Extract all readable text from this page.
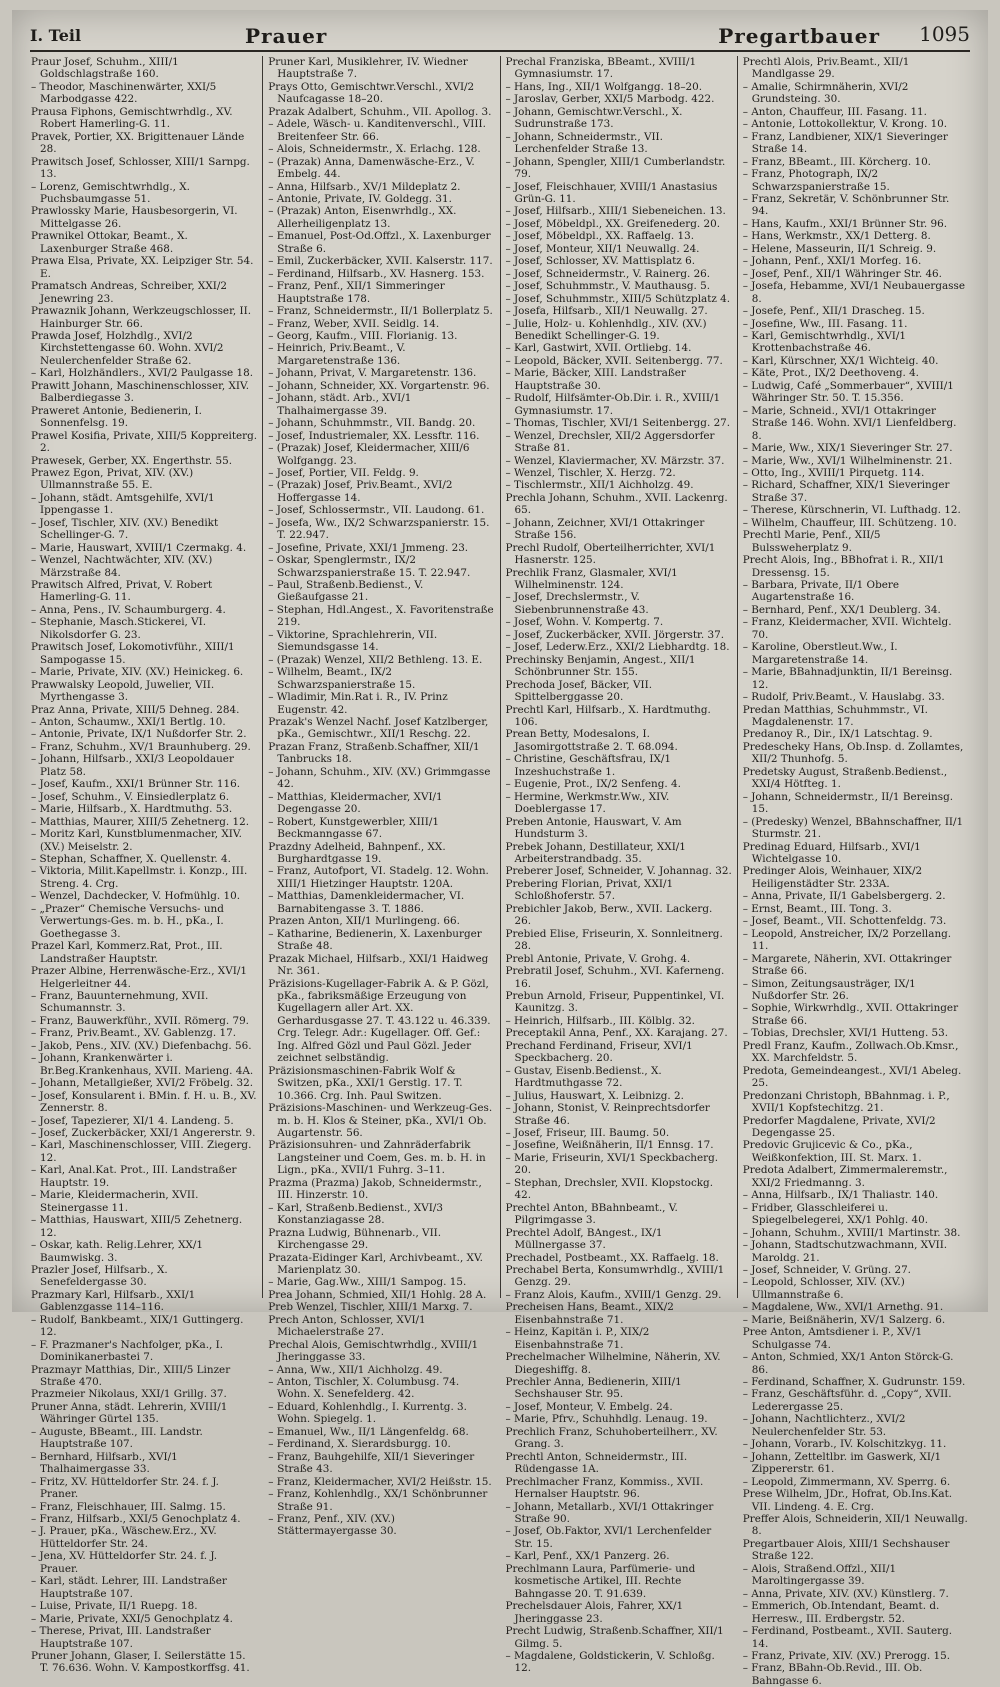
I. Teil	Prauer	Pregartbauer 1095
Praur Josef, Schuhm., XIII/1 Goldschlagstraße 160.
– Theodor, Maschinenwärter, XXI/5 Marbodgasse 422.
Prausa Fiphons, Gemischtwrhdlg., XV. Robert Hamerling-G. 11.
Pravek, Portier, XX. Brigittenauer Lände 28.
Prawitsch Josef, Schlosser, XIII/1 Sarnpg. 13.
– Lorenz, Gemischtwrhdlg., X. Puchsbaumgasse 51.
Prawlossky Marie, Hausbesorgerin, VI. Mittelgasse 26.
Prawnikel Ottokar, Beamt., X. Laxenburger Straße 468.
Prawa Elsa, Private, XX. Leipziger Str. 54. E.
Pramatsch Andreas, Schreiber, XXI/2 Jenewring 23.
Prawaznik Johann, Werkzeugschlosser, II. Hainburger Str. 66.
Prawda Josef, Holzhdlg., XVI/2 Kirchstettengasse 60. Wohn. XVI/2 Neulerchenfelder Straße 62.
– Karl, Holzhändlers., XVI/2 Paulgasse 18.
Prawitt Johann, Maschinenschlosser, XIV. Balberdiegasse 3.
Praweret Antonie, Bedienerin, I. Sonnenfelsg. 19.
Prawel Kosifia, Private, XIII/5 Koppreiterg. 2.
Prawesek, Gerber, XX. Engerthstr. 55.
Prawez Egon, Privat, XIV. (XV.) Ullmannstraße 55. E.
– Johann, städt. Amtsgehilfe, XVI/1 Ippengasse 1.
– Josef, Tischler, XIV. (XV.) Benedikt Schellinger-G. 7.
– Marie, Hauswart, XVIII/1 Czermakg. 4.
– Wenzel, Nachtwächter, XIV. (XV.) Märzstraße 84.
Prawitsch Alfred, Privat, V. Robert Hamerling-G. 11.
– Anna, Pens., IV. Schaumburgerg. 4.
– Stephanie, Masch.Stickerei, VI. Nikolsdorfer G. 23.
Prawitsch Josef, Lokomotivführ., XIII/1 Sampogasse 15.
– Marie, Private, XIV. (XV.) Heinickeg. 6.
Prawwalsky Leopold, Juwelier, VII. Myrthengasse 3.
Praz Anna, Private, XIII/5 Dehneg. 284.
– Anton, Schaumw., XXI/1 Bertlg. 10.
– Antonie, Private, IX/1 Nußdorfer Str. 2.
– Franz, Schuhm., XV/1 Braunhuberg. 29.
– Johann, Hilfsarb., XXI/3 Leopoldauer Platz 58.
– Josef, Kaufm., XXI/1 Brünner Str. 116.
– Josef, Schuhm., V. Einsiedlerplatz 6.
– Marie, Hilfsarb., X. Hardtmuthg. 53.
– Matthias, Maurer, XIII/5 Zehetnerg. 12.
– Moritz Karl, Kunstblumenmacher, XIV. (XV.) Meiselstr. 2.
– Stephan, Schaffner, X. Quellenstr. 4.
– Viktoria, Milit.Kapellmstr. i. Konzp., III. Streng. 4. Crg.
– Wenzel, Dachdecker, V. Hofmühlg. 10.
– „Prazer“ Chemische Versuchs- und Verwertungs-Ges. m. b. H., pKa., I. Goethegasse 3.
Prazel Karl, Kommerz.Rat, Prot., III. Landstraßer Hauptstr.
Prazer Albine, Herrenwäsche-Erz., XVI/1 Helgerleitner 44.
– Franz, Bauunternehmung, XVII. Schumannstr. 3.
– Franz, Bauwerkführ., XVII. Römerg. 79.
– Franz, Priv.Beamt., XV. Gablenzg. 17.
– Jakob, Pens., XIV. (XV.) Diefenbachg. 56.
– Johann, Krankenwärter i. Br.Beg.Krankenhaus, XVII. Marieng. 4A.
– Johann, Metallgießer, XVI/2 Fröbelg. 32.
– Josef, Konsularent i. BMin. f. H. u. B., XV. Zennerstr. 8.
– Josef, Tapezierer, XI/1 4. Landeng. 5.
– Josef, Zuckerbäcker, XXI/1 Angererstr. 9.
– Karl, Maschinenschlosser, VIII. Ziegerg. 12.
– Karl, Anal.Kat. Prot., III. Landstraßer Hauptstr. 19.
– Marie, Kleidermacherin, XVII. Steinergasse 11.
– Matthias, Hauswart, XIII/5 Zehetnerg. 12.
– Oskar, kath. Relig.Lehrer, XX/1 Baumwiskg. 3.
Prazler Josef, Hilfsarb., X. Senefeldergasse 30.
Prazmary Karl, Hilfsarb., XXI/1 Gablenzgasse 114–116.
– Rudolf, Bankbeamt., XIX/1 Guttingerg. 12.
– F. Prazmaner's Nachfolger, pKa., I. Dominikanerbastei 7.
Prazmayr Matthias, Dir., XIII/5 Linzer Straße 470.
Prazmeier Nikolaus, XXI/1 Grillg. 37.
Pruner Anna, städt. Lehrerin, XVIII/1 Währinger Gürtel 135.
– Auguste, BBeamt., III. Landstr. Hauptstraße 107.
– Bernhard, Hilfsarb., XVI/1 Thalhaimergasse 33.
– Fritz, XV. Hütteldorfer Str. 24. f. J. Praner.
– Franz, Fleischhauer, III. Salmg. 15.
– Franz, Hilfsarb., XXI/5 Genochplatz 4.
– J. Prauer, pKa., Wäschew.Erz., XV. Hütteldorfer Str. 24.
– Jena, XV. Hütteldorfer Str. 24. f. J. Prauer.
– Karl, städt. Lehrer, III. Landstraßer Hauptstraße 107.
– Luise, Private, II/1 Ruepg. 18.
– Marie, Private, XXI/5 Genochplatz 4.
– Therese, Privat, III. Landstraßer Hauptstraße 107.
Pruner Johann, Glaser, I. Seilerstätte 15. T. 76.636. Wohn. V. Kampostkorffsg. 41.
Pruner Karl, Musiklehrer, IV. Wiedner Hauptstraße 7.
Prays Otto, Gemischtwr.Verschl., XVI/2 Naufcagasse 18–20.
Prazak Adalbert, Schuhm., VII. Apollog. 3.
– Adele, Wäsch- u. Kanditenverschl., VIII. Breitenfeer Str. 66.
– Alois, Schneidermstr., X. Erlachg. 128.
– (Prazak) Anna, Damenwäsche-Erz., V. Embelg. 44.
– Anna, Hilfsarb., XV/1 Mildeplatz 2.
– Antonie, Private, IV. Goldegg. 31.
– (Prazak) Anton, Eisenwrhdlg., XX. Allerheiligenplatz 13.
– Emanuel, Post-Od.Offzl., X. Laxenburger Straße 6.
– Emil, Zuckerbäcker, XVII. Kalserstr. 117.
– Ferdinand, Hilfsarb., XV. Hasnerg. 153.
– Franz, Penf., XII/1 Simmeringer Hauptstraße 178.
– Franz, Schneidermstr., II/1 Bollerplatz 5.
– Franz, Weber, XVII. Seidlg. 14.
– Georg, Kaufm., VIII. Florianig. 13.
– Heinrich, Priv.Beamt., V. Margaretenstraße 136.
– Johann, Privat, V. Margaretenstr. 136.
– Johann, Schneider, XX. Vorgartenstr. 96.
– Johann, städt. Arb., XVI/1 Thalhaimergasse 39.
– Johann, Schuhmmstr., VII. Bandg. 20.
– Josef, Industriemaler, XX. Lessftr. 116.
– (Prazak) Josef, Kleidermacher, XIII/6 Wolfgangg. 23.
– Josef, Portier, VII. Feldg. 9.
– (Prazak) Josef, Priv.Beamt., XVI/2 Hoffergasse 14.
– Josef, Schlossermstr., VII. Laudong. 61.
– Josefa, Ww., IX/2 Schwarzspanierstr. 15. T. 22.947.
– Josefine, Private, XXI/1 Jmmeng. 23.
– Oskar, Spenglermstr., IX/2 Schwarzspanierstraße 15. T. 22.947.
– Paul, Straßenb.Bedienst., V. Gießaufgasse 21.
– Stephan, Hdl.Angest., X. Favoritenstraße 219.
– Viktorine, Sprachlehrerin, VII. Siemundsgasse 14.
– (Prazak) Wenzel, XII/2 Bethleng. 13. E.
– Wilhelm, Beamt., IX/2 Schwarzspanierstraße 15.
– Wladimir, Min.Rat i. R., IV. Prinz Eugenstr. 42.
Prazak's Wenzel Nachf. Josef Katzlberger, pKa., Gemischtwr., XII/1 Reschg. 22.
Prazan Franz, Straßenb.Schaffner, XII/1 Tanbrucks 18.
– Johann, Schuhm., XIV. (XV.) Grimmgasse 42.
– Matthias, Kleidermacher, XVI/1 Degengasse 20.
– Robert, Kunstgewerbler, XIII/1 Beckmanngasse 67.
Prazdny Adelheid, Bahnpenf., XX. Burghardtgasse 19.
– Franz, Autofport, VI. Stadelg. 12. Wohn. XIII/1 Hietzinger Hauptstr. 120A.
– Matthias, Damenkleidermacher, VI. Barnabitengasse 3. T. 1886.
Prazen Anton, XII/1 Murlingeng. 66.
– Katharine, Bedienerin, X. Laxenburger Straße 48.
Prazak Michael, Hilfsarb., XXI/1 Haidweg Nr. 361.
Präzisions-Kugellager-Fabrik A. & P. Gözl, pKa., fabriksmäßige Erzeugung von Kugellagern aller Art. XX. Gerhardusgasse 27. T. 43.122 u. 46.339. Crg. Telegr. Adr.: Kugellager. Off. Gef.: Ing. Alfred Gözl und Paul Gözl. Jeder zeichnet selbständig.
Präzisionsmaschinen-Fabrik Wolf & Switzen, pKa., XXI/1 Gerstlg. 17. T. 10.366. Crg. Inh. Paul Switzen.
Präzisions-Maschinen- und Werkzeug-Ges. m. b. H. Klos & Steiner, pKa., XVI/1 Ob. Augartenstr. 56.
Präzisionsuhren- und Zahnräderfabrik Langsteiner und Coem, Ges. m. b. H. in Lign., pKa., XVII/1 Fuhrg. 3–11.
Prazma (Prazma) Jakob, Schneidermstr., III. Hinzerstr. 10.
– Karl, Straßenb.Bedienst., XVI/3 Konstanziagasse 28.
Prazna Ludwig, Bühnenarb., VII. Kirchengasse 29.
Prazata-Eidinger Karl, Archivbeamt., XV. Marienplatz 30.
– Marie, Gag.Ww., XIII/1 Sampog. 15.
Prea Johann, Schmied, XII/1 Hohlg. 28 A.
Preb Wenzel, Tischler, XIII/1 Marxg. 7.
Prech Anton, Schlosser, XVI/1 Michaelerstraße 27.
Prechal Alois, Gemischtwrhdlg., XVIII/1 Jheringgasse 33.
– Anna, Ww., XII/1 Aichholzg. 49.
– Anton, Tischler, X. Columbusg. 74. Wohn. X. Senefelderg. 42.
– Eduard, Kohlenhdlg., I. Kurrentg. 3. Wohn. Spiegelg. 1.
– Emanuel, Ww., II/1 Längenfeldg. 68.
– Ferdinand, X. Sierardsburgg. 10.
– Franz, Bauhgehilfe, XII/1 Sieveringer Straße 43.
– Franz, Kleidermacher, XVI/2 Heißstr. 15.
– Franz, Kohlenhdlg., XX/1 Schönbrunner Straße 91.
– Franz, Penf., XIV. (XV.) Stättermayergasse 30.
Prechal Franziska, BBeamt., XVIII/1 Gymnasiumstr. 17.
– Hans, Ing., XII/1 Wolfgangg. 18–20.
– Jaroslav, Gerber, XXI/5 Marbodg. 422.
– Johann, Gemischtwr.Verschl., X. Sudrunstraße 173.
– Johann, Schneidermstr., VII. Lerchenfelder Straße 13.
– Johann, Spengler, XIII/1 Cumberlandstr. 79.
– Josef, Fleischhauer, XVIII/1 Anastasius Grün-G. 11.
– Josef, Hilfsarb., XIII/1 Siebeneichen. 13.
– Josef, Möbeldpl., XX. Greifenederg. 20.
– Josef, Möbeldpl., XX. Raffaelg. 13.
– Josef, Monteur, XII/1 Neuwallg. 24.
– Josef, Schlosser, XV. Mattisplatz 6.
– Josef, Schneidermstr., V. Rainerg. 26.
– Josef, Schuhmmstr., V. Mauthausg. 5.
– Josef, Schuhmmstr., XIII/5 Schützplatz 4.
– Josefa, Hilfsarb., XII/1 Neuwallg. 27.
– Julie, Holz- u. Kohlenhdlg., XIV. (XV.) Benedikt Schellinger-G. 19.
– Karl, Gastwirt, XVII. Ortliebg. 14.
– Leopold, Bäcker, XVII. Seitenbergg. 77.
– Marie, Bäcker, XIII. Landstraßer Hauptstraße 30.
– Rudolf, Hilfsämter-Ob.Dir. i. R., XVIII/1 Gymnasiumstr. 17.
– Thomas, Tischler, XVI/1 Seitenbergg. 27.
– Wenzel, Drechsler, XII/2 Aggersdorfer Straße 81.
– Wenzel, Klaviermacher, XV. Märzstr. 37.
– Wenzel, Tischler, X. Herzg. 72.
– Tischlermstr., XII/1 Aichholzg. 49.
Prechla Johann, Schuhm., XVII. Lackenrg. 65.
– Johann, Zeichner, XVI/1 Ottakringer Straße 156.
Prechl Rudolf, Oberteilherrichter, XVI/1 Hasnerstr. 125.
Prechlik Franz, Glasmaler, XVI/1 Wilhelminenstr. 124.
– Josef, Drechslermstr., V. Siebenbrunnenstraße 43.
– Josef, Wohn. V. Kompertg. 7.
– Josef, Zuckerbäcker, XVII. Jörgerstr. 37.
– Josef, Lederw.Erz., XXI/2 Liebhardtg. 18.
Prechinsky Benjamin, Angest., XII/1 Schönbrunner Str. 155.
Prechoda Josef, Bäcker, VII. Spittelberggasse 20.
Prechtl Karl, Hilfsarb., X. Hardtmuthg. 106.
Prean Betty, Modesalons, I. Jasomirgottstraße 2. T. 68.094.
– Christine, Geschäftsfrau, IX/1 Inzeshuchstraße 1.
– Eugenie, Prot., IX/2 Senfeng. 4.
– Hermine, Werkmstr.Ww., XIV. Doeblergasse 17.
Preben Antonie, Hauswart, V. Am Hundsturm 3.
Prebek Johann, Destillateur, XXI/1 Arbeiterstrandbadg. 35.
Preberer Josef, Schneider, V. Johannag. 32.
Prebering Florian, Privat, XXI/1 Schloßhoferstr. 57.
Prebichler Jakob, Berw., XVII. Lackerg. 26.
Prebied Elise, Friseurin, X. Sonnleitnerg. 28.
Prebl Antonie, Private, V. Grohg. 4.
Prebratil Josef, Schuhm., XVI. Kaferneng. 16.
Prebun Arnold, Friseur, Puppentinkel, VI. Kaunitzg. 3.
– Heinrich, Hilfsarb., III. Kölblg. 32.
Preceptakil Anna, Penf., XX. Karajang. 27.
Prechand Ferdinand, Friseur, XVI/1 Speckbacherg. 20.
– Gustav, Eisenb.Bedienst., X. Hardtmuthgasse 72.
– Julius, Hauswart, X. Leibnizg. 2.
– Johann, Stonist, V. Reinprechtsdorfer Straße 46.
– Josef, Friseur, III. Baumg. 50.
– Josefine, Weißnäherin, II/1 Ennsg. 17.
– Marie, Friseurin, XVI/1 Speckbacherg. 20.
– Stephan, Drechsler, XVII. Klopstockg. 42.
Prechtel Anton, BBahnbeamt., V. Pilgrimgasse 3.
Prechtel Adolf, BAngest., IX/1 Müllnergasse 37.
Prechadel, Postbeamt., XX. Raffaelg. 18.
Prechabel Berta, Konsumwrhdlg., XVIII/1 Genzg. 29.
– Franz Alois, Kaufm., XVIII/1 Genzg. 29.
Precheisen Hans, Beamt., XIX/2 Eisenbahnstraße 71.
– Heinz, Kapitän i. P., XIX/2 Eisenbahnstraße 71.
Prechelmacher Wilhelmine, Näherin, XV. Diegeshiffg. 8.
Prechler Anna, Bedienerin, XIII/1 Sechshauser Str. 95.
– Josef, Monteur, V. Embelg. 24.
– Marie, Pfrv., Schuhhdlg. Lenaug. 19.
Prechlich Franz, Schuhoberteilherr., XV. Grang. 3.
Prechtl Anton, Schneidermstr., III. Rüdengasse 1A.
Prechlmacher Franz, Kommiss., XVII. Hernalser Hauptstr. 96.
– Johann, Metallarb., XVI/1 Ottakringer Straße 90.
– Josef, Ob.Faktor, XVI/1 Lerchenfelder Str. 15.
– Karl, Penf., XX/1 Panzerg. 26.
Prechlmann Laura, Parfümerie- und kosmetische Artikel, III. Rechte Bahngasse 20. T. 91.639.
Prechelsdauer Alois, Fahrer, XX/1 Jheringgasse 23.
Precht Ludwig, Straßenb.Schaffner, XII/1 Gilmg. 5.
– Magdalene, Goldstickerin, V. Schloßg. 12.
Prechtl Alois, Priv.Beamt., XII/1 Mandlgasse 29.
– Amalie, Schirmnäherin, XVI/2 Grundsteing. 30.
– Anton, Chauffeur, III. Fasang. 11.
– Antonie, Lottokollektur, V. Krong. 10.
– Franz, Landbiener, XIX/1 Sieveringer Straße 14.
– Franz, BBeamt., III. Körcherg. 10.
– Franz, Photograph, IX/2 Schwarzspanierstraße 15.
– Franz, Sekretär, V. Schönbrunner Str. 94.
– Hans, Kaufm., XXI/1 Brünner Str. 96.
– Hans, Werkmstr., XX/1 Detterg. 8.
– Helene, Masseurin, II/1 Schreig. 9.
– Johann, Penf., XXI/1 Morfeg. 16.
– Josef, Penf., XII/1 Währinger Str. 46.
– Josefa, Hebamme, XVI/1 Neubauergasse 8.
– Josefe, Penf., XII/1 Drascheg. 15.
– Josefine, Ww., III. Fasang. 11.
– Karl, Gemischtwrhdlg., XVI/1 Krottenbachstraße 46.
– Karl, Kürschner, XX/1 Wichteig. 40.
– Käte, Prot., IX/2 Deethoveng. 4.
– Ludwig, Café „Sommerbauer“, XVIII/1 Währinger Str. 50. T. 15.356.
– Marie, Schneid., XVI/1 Ottakringer Straße 146. Wohn. XVI/1 Lienfeldberg. 8.
– Marie, Ww., XIX/1 Sieveringer Str. 27.
– Marie, Ww., XVI/1 Wilhelminenstr. 21.
– Otto, Ing., XVIII/1 Pirquetg. 114.
– Richard, Schaffner, XIX/1 Sieveringer Straße 37.
– Therese, Kürschnerin, VI. Lufthadg. 12.
– Wilhelm, Chauffeur, III. Schützeng. 10.
Prechtl Marie, Penf., XII/5 Bulssweherplatz 9.
Precht Alois, Ing., BBhofrat i. R., XII/1 Dressensg. 15.
– Barbara, Private, II/1 Obere Augartenstraße 16.
– Bernhard, Penf., XX/1 Deublerg. 34.
– Franz, Kleidermacher, XVII. Wichtelg. 70.
– Karoline, Oberstleut.Ww., I. Margaretenstraße 14.
– Marie, BBahnadjunktin, II/1 Bereinsg. 12.
– Rudolf, Priv.Beamt., V. Hauslabg. 33.
Predan Matthias, Schuhmmstr., VI. Magdalenenstr. 17.
Predanoy R., Dir., IX/1 Latschtag. 9.
Predescheky Hans, Ob.Insp. d. Zollamtes, XII/2 Thunhofg. 5.
Predetsky August, Straßenb.Bedienst., XXI/4 Hötfteg. 1.
– Johann, Schneidermstr., II/1 Bereinsg. 15.
– (Predesky) Wenzel, BBahnschaffner, II/1 Sturmstr. 21.
Predinag Eduard, Hilfsarb., XVI/1 Wichtelgasse 10.
Predinger Alois, Weinhauer, XIX/2 Heiligenstädter Str. 233A.
– Anna, Private, II/1 Gabelsbergerg. 2.
– Ernst, Beamt., III. Tong. 3.
– Josef, Beamt., VII. Schottenfeldg. 73.
– Leopold, Anstreicher, IX/2 Porzellang. 11.
– Margarete, Näherin, XVI. Ottakringer Straße 66.
– Simon, Zeitungsausträger, IX/1 Nußdorfer Str. 26.
– Sophie, Wirkwrhdlg., XVII. Ottakringer Straße 66.
– Tobias, Drechsler, XVI/1 Hutteng. 53.
Predl Franz, Kaufm., Zollwach.Ob.Kmsr., XX. Marchfeldstr. 5.
Predota, Gemeindeangest., XVI/1 Abeleg. 25.
Predonzani Christoph, BBahnmag. i. P., XVII/1 Kopfstechitzg. 21.
Predorfer Magdalene, Private, XVI/2 Degengasse 25.
Predovic Grujicevic & Co., pKa., Weißkonfektion, III. St. Marx. 1.
Predota Adalbert, Zimmermaleremstr., XXI/2 Friedmanng. 3.
– Anna, Hilfsarb., IX/1 Thaliastr. 140.
– Fridber, Glasschleiferei u. Spiegelbelegerei, XX/1 Pohlg. 40.
– Johann, Schuhm., XVIII/1 Martinstr. 38.
– Johann, Stadtschutzwachmann, XVII. Maroldg. 21.
– Josef, Schneider, V. Grüng. 27.
– Leopold, Schlosser, XIV. (XV.) Ullmannstraße 6.
– Magdalene, Ww., XVI/1 Arnethg. 91.
– Marie, Beißnäherin, XV/1 Salzerg. 6.
Pree Anton, Amtsdiener i. P., XV/1 Schulgasse 74.
– Anton, Schmied, XX/1 Anton Störck-G. 86.
– Ferdinand, Schaffner, X. Gudrunstr. 159.
– Franz, Geschäftsführ. d. „Copy“, XVII. Lederergasse 25.
– Johann, Nachtlichterz., XVI/2 Neulerchenfelder Str. 53.
– Johann, Vorarb., IV. Kolschitzkyg. 11.
– Johann, Zetteltlbr. im Gaswerk, XI/1 Zippererstr. 61.
– Leopold, Zimmermann, XV. Sperrg. 6.
Prese Wilhelm, JDr., Hofrat, Ob.Ins.Kat. VII. Lindeng. 4. E. Crg.
Preffer Alois, Schneiderin, XII/1 Neuwallg. 8.
Pregartbauer Alois, XIII/1 Sechshauser Straße 122.
– Alois, Straßend.Offzl., XII/1 Maroltingergasse 39.
– Anna, Private, XIV. (XV.) Künstlerg. 7.
– Emmerich, Ob.Intendant, Beamt. d. Herresw., III. Erdbergstr. 52.
– Ferdinand, Postbeamt., XVII. Sauterg. 14.
– Franz, Private, XIV. (XV.) Prerogg. 15.
– Franz, BBahn-Ob.Revid., III. Ob. Bahngasse 6.
